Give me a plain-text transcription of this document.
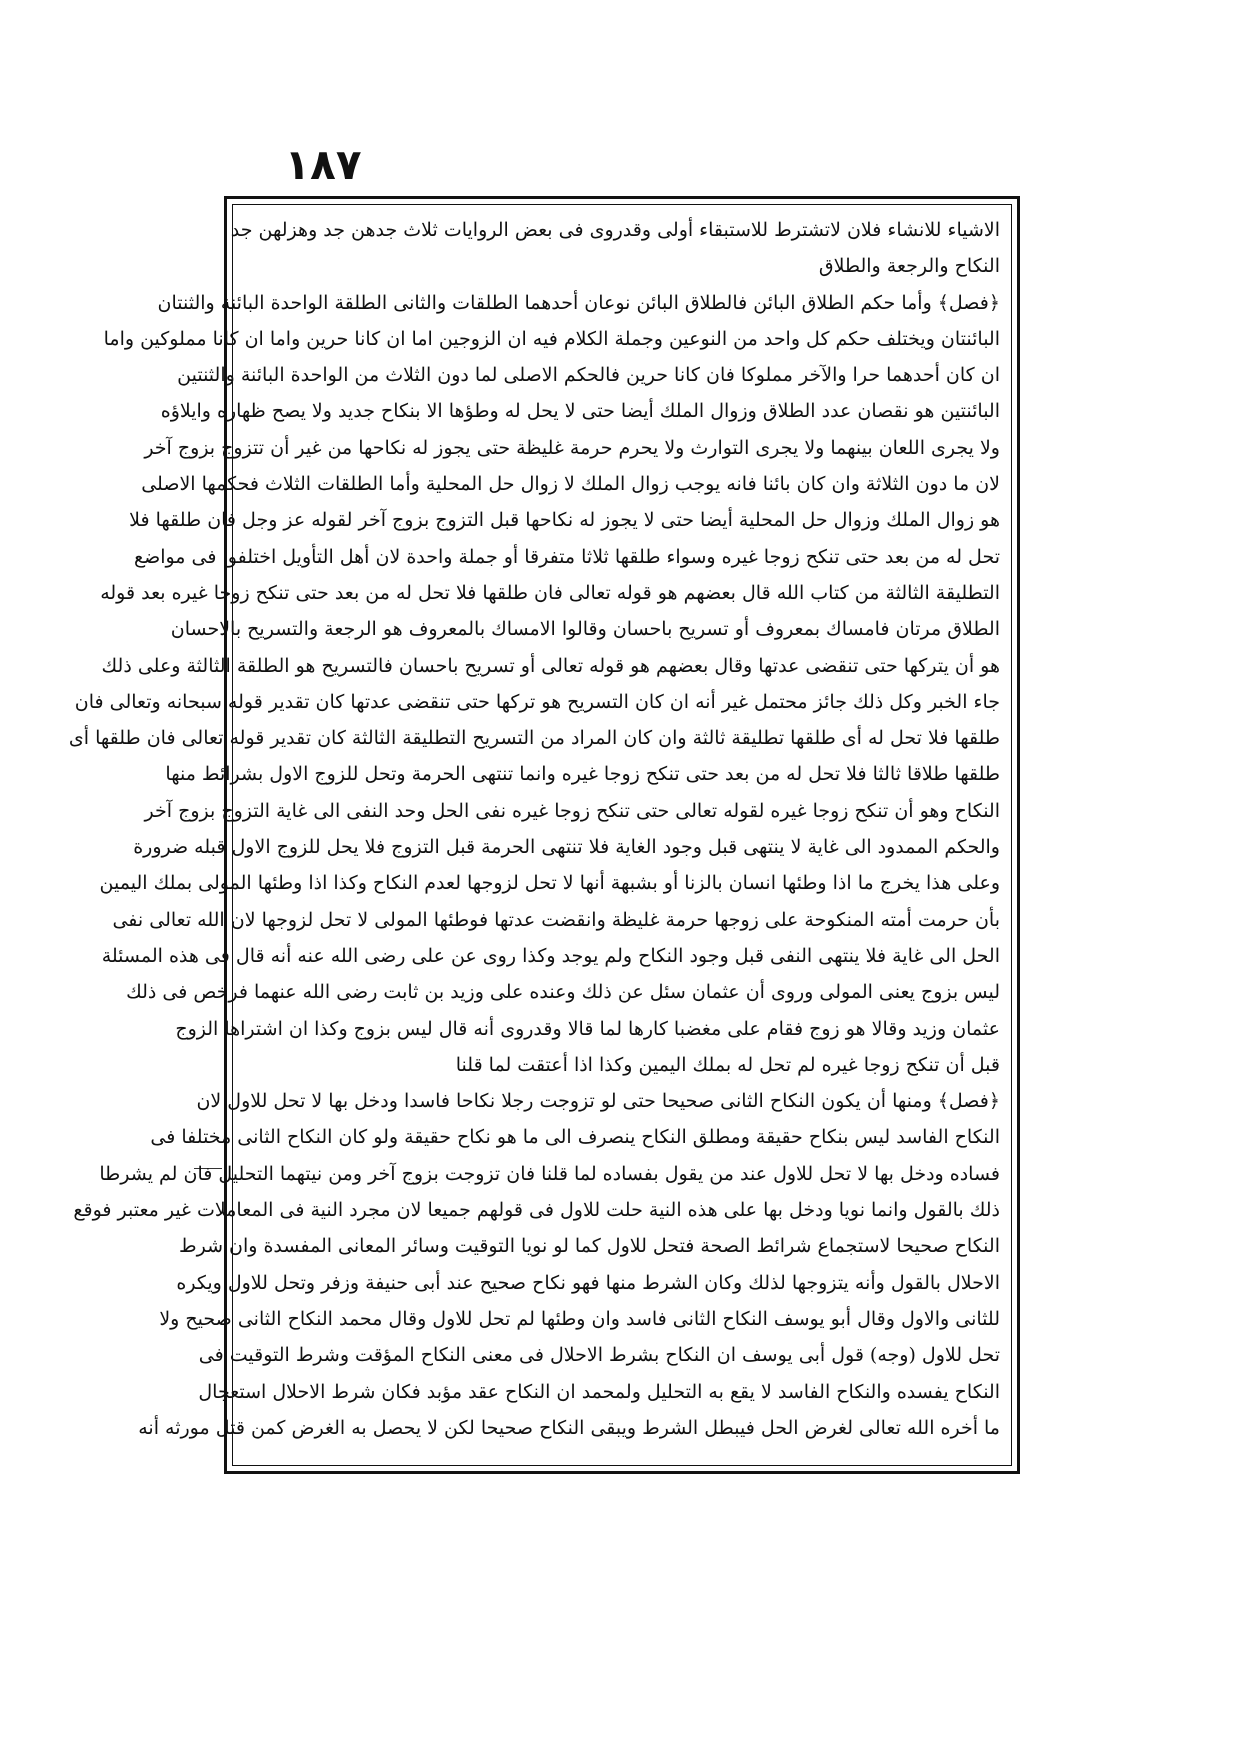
١٨٧
الاشياء للانشاء فلان لاتشترط للاستبقاء أولى وقدروى فى بعض الروايات ثلاث جدهن جد وهزلهن جد
النكاح والرجعة والطلاق
﴿فصل﴾ وأما حكم الطلاق البائن فالطلاق البائن نوعان أحدهما الطلقات والثانى الطلقة الواحدة البائنة والثنتان
البائنتان ويختلف حكم كل واحد من النوعين وجملة الكلام فيه ان الزوجين اما ان كانا حرين واما ان كانا مملوكين واما
ان كان أحدهما حرا والآخر مملوكا فان كانا حرين فالحكم الاصلى لما دون الثلاث من الواحدة البائنة والثنتين
البائنتين هو نقصان عدد الطلاق وزوال الملك أيضا حتى لا يحل له وطؤها الا بنكاح جديد ولا يصح ظهاره وايلاؤه
ولا يجرى اللعان بينهما ولا يجرى التوارث ولا يحرم حرمة غليظة حتى يجوز له نكاحها من غير أن تتزوج بزوج آخر
لان ما دون الثلاثة وان كان بائنا فانه يوجب زوال الملك لا زوال حل المحلية وأما الطلقات الثلاث فحكمها الاصلى
هو زوال الملك وزوال حل المحلية أيضا حتى لا يجوز له نكاحها قبل التزوج بزوج آخر لقوله عز وجل فان طلقها فلا
تحل له من بعد حتى تنكح زوجا غيره وسواء طلقها ثلاثا متفرقا أو جملة واحدة لان أهل التأويل اختلفوا فى مواضع
التطليقة الثالثة من كتاب الله قال بعضهم هو قوله تعالى فان طلقها فلا تحل له من بعد حتى تنكح زوجا غيره بعد قوله
الطلاق مرتان فامساك بمعروف أو تسريح باحسان وقالوا الامساك بالمعروف هو الرجعة والتسريح بالاحسان
هو أن يتركها حتى تنقضى عدتها وقال بعضهم هو قوله تعالى أو تسريح باحسان فالتسريح هو الطلقة الثالثة وعلى ذلك
جاء الخبر وكل ذلك جائز محتمل غير أنه ان كان التسريح هو تركها حتى تنقضى عدتها كان تقدير قوله سبحانه وتعالى فان
طلقها فلا تحل له أى طلقها تطليقة ثالثة وان كان المراد من التسريح التطليقة الثالثة كان تقدير قوله تعالى فان طلقها أى
طلقها طلاقا ثالثا فلا تحل له من بعد حتى تنكح زوجا غيره وانما تنتهى الحرمة وتحل للزوج الاول بشرائط منها
النكاح وهو أن تنكح زوجا غيره لقوله تعالى حتى تنكح زوجا غيره نفى الحل وحد النفى الى غاية التزوج بزوج آخر
والحكم الممدود الى غاية لا ينتهى قبل وجود الغاية فلا تنتهى الحرمة قبل التزوج فلا يحل للزوج الاول قبله ضرورة
وعلى هذا يخرج ما اذا وطئها انسان بالزنا أو بشبهة أنها لا تحل لزوجها لعدم النكاح وكذا اذا وطئها المولى بملك اليمين
بأن حرمت أمته المنكوحة على زوجها حرمة غليظة وانقضت عدتها فوطئها المولى لا تحل لزوجها لان الله تعالى نفى
الحل الى غاية فلا ينتهى النفى قبل وجود النكاح ولم يوجد وكذا روى عن على رضى الله عنه أنه قال فى هذه المسئلة
ليس بزوج يعنى المولى وروى أن عثمان سئل عن ذلك وعنده على وزيد بن ثابت رضى الله عنهما فرخص فى ذلك
عثمان وزيد وقالا هو زوج فقام على مغضبا كارها لما قالا وقدروى أنه قال ليس بزوج وكذا ان اشتراها الزوج
قبل أن تنكح زوجا غيره لم تحل له بملك اليمين وكذا اذا أعتقت لما قلنا
﴿فصل﴾ ومنها أن يكون النكاح الثانى صحيحا حتى لو تزوجت رجلا نكاحا فاسدا ودخل بها لا تحل للاول لان
النكاح الفاسد ليس بنكاح حقيقة ومطلق النكاح ينصرف الى ما هو نكاح حقيقة ولو كان النكاح الثانى مختلفا فى
فساده ودخل بها لا تحل للاول عند من يقول بفساده لما قلنا فان تزوجت بزوج آخر ومن نيتهما التحليل فان لم يشرطا
ذلك بالقول وانما نويا ودخل بها على هذه النية حلت للاول فى قولهم جميعا لان مجرد النية فى المعاملات غير معتبر فوقع
النكاح صحيحا لاستجماع شرائط الصحة فتحل للاول كما لو نويا التوقيت وسائر المعانى المفسدة وان شرط
الاحلال بالقول وأنه يتزوجها لذلك وكان الشرط منها فهو نكاح صحيح عند أبى حنيفة وزفر وتحل للاول ويكره
للثانى والاول وقال أبو يوسف النكاح الثانى فاسد وان وطئها لم تحل للاول وقال محمد النكاح الثانى صحيح ولا
تحل للاول (وجه) قول أبى يوسف ان النكاح بشرط الاحلال فى معنى النكاح المؤقت وشرط التوقيت فى
النكاح يفسده والنكاح الفاسد لا يقع به التحليل ولمحمد ان النكاح عقد مؤبد فكان شرط الاحلال استعجال
ما أخره الله تعالى لغرض الحل فيبطل الشرط ويبقى النكاح صحيحا لكن لا يحصل به الغرض كمن قتل مورثه أنه
